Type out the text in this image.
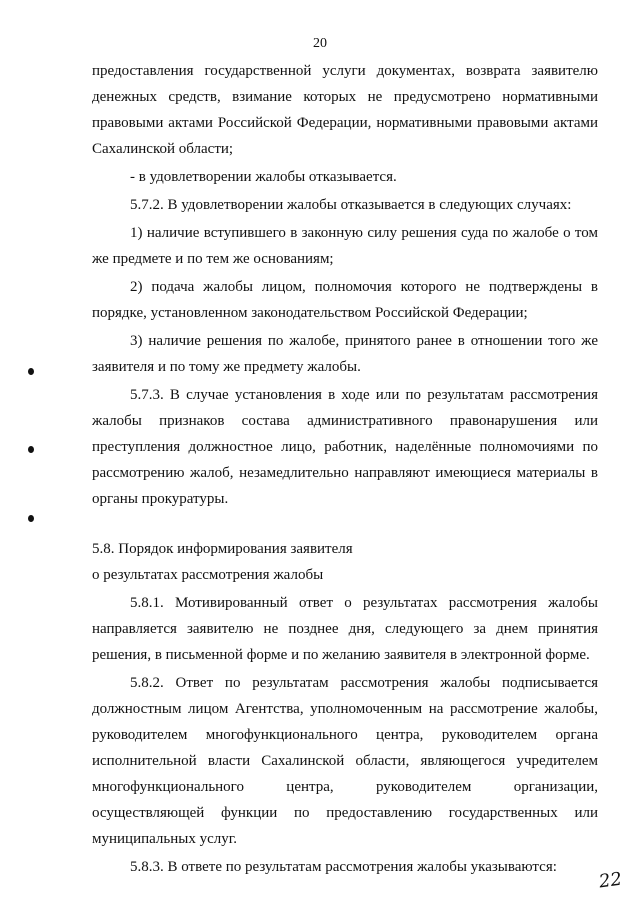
20

предоставления государственной услуги документах, возврата заявителю денежных средств, взимание которых не предусмотрено нормативными правовыми актами Российской Федерации, нормативными правовыми актами Сахалинской области;

- в удовлетворении жалобы отказывается.

5.7.2. В удовлетворении жалобы отказывается в следующих случаях:

1) наличие вступившего в законную силу решения суда по жалобе о том же предмете и по тем же основаниям;

2) подача жалобы лицом, полномочия которого не подтверждены в порядке, установленном законодательством Российской Федерации;

3) наличие решения по жалобе, принятого ранее в отношении того же заявителя и по тому же предмету жалобы.

5.7.3. В случае установления в ходе или по результатам рассмотрения жалобы признаков состава административного правонарушения или преступления должностное лицо, работник, наделённые полномочиями по рассмотрению жалоб, незамедлительно направляют имеющиеся материалы в органы прокуратуры.

5.8. Порядок информирования заявителя

о результатах рассмотрения жалобы

5.8.1. Мотивированный ответ о результатах рассмотрения жалобы направляется заявителю не позднее дня, следующего за днем принятия решения, в письменной форме и по желанию заявителя в электронной форме.

5.8.2. Ответ по результатам рассмотрения жалобы подписывается должностным лицом Агентства, уполномоченным на рассмотрение жалобы, руководителем многофункционального центра, руководителем органа исполнительной власти Сахалинской области, являющегося учредителем многофункционального центра, руководителем организации, осуществляющей функции по предоставлению государственных или муниципальных услуг.

5.8.3. В ответе по результатам рассмотрения жалобы указываются:

22
